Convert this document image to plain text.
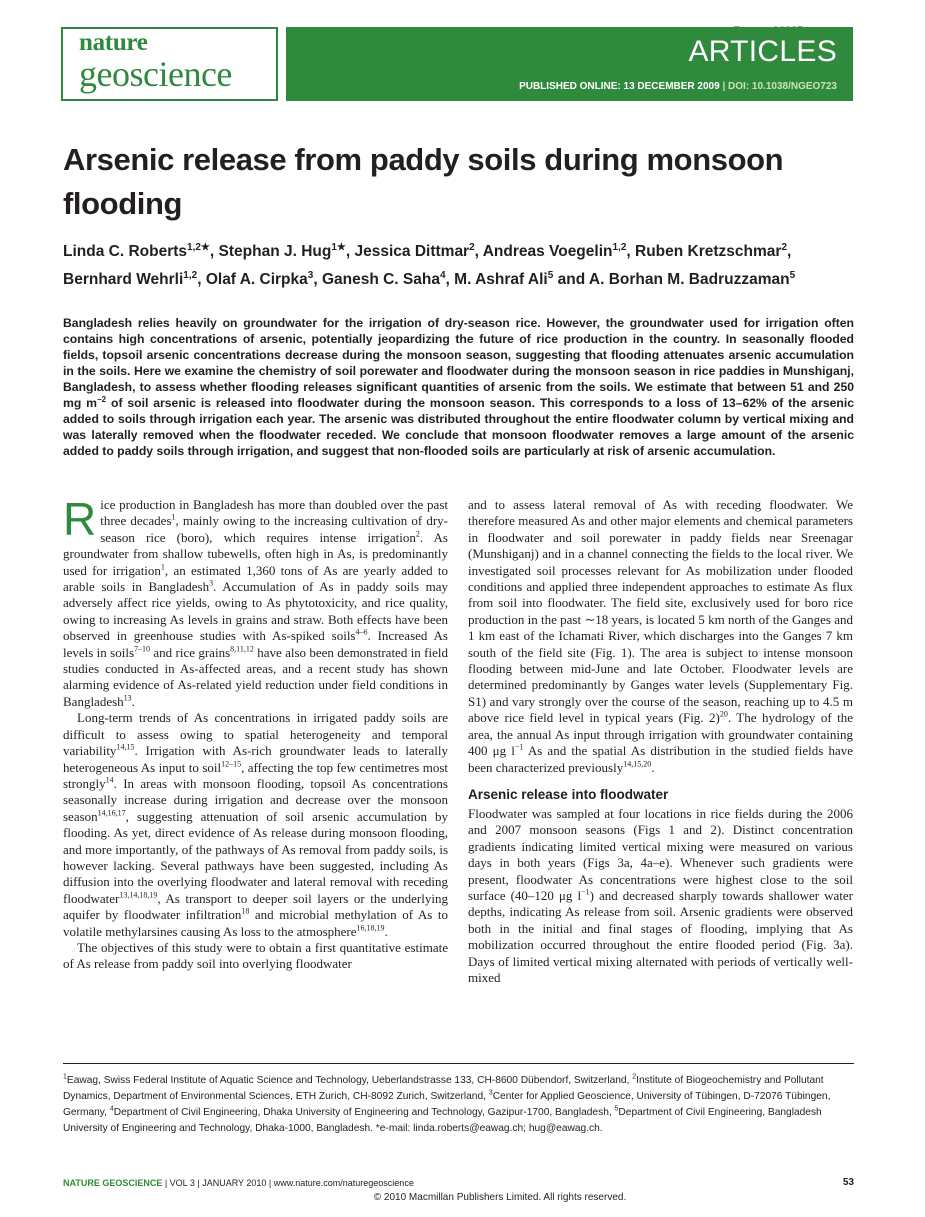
nature
geoscience
ARTICLES
PUBLISHED ONLINE: 13 DECEMBER 2009 | DOI: 10.1038/NGEO723
Arsenic release from paddy soils during monsoon flooding
Linda C. Roberts$^{1,2★}$, Stephan J. Hug$^{1★}$, Jessica Dittmar$^2$, Andreas Voegelin$^{1,2}$, Ruben Kretzschmar$^2$, Bernhard Wehrli$^{1,2}$, Olaf A. Cirpka$^3$, Ganesh C. Saha$^4$, M. Ashraf Ali$^5$ and A. Borhan M. Badruzzaman$^5$
Bangladesh relies heavily on groundwater for the irrigation of dry-season rice. However, the groundwater used for irrigation often contains high concentrations of arsenic, potentially jeopardizing the future of rice production in the country. In seasonally flooded fields, topsoil arsenic concentrations decrease during the monsoon season, suggesting that flooding attenuates arsenic accumulation in the soils. Here we examine the chemistry of soil porewater and floodwater during the monsoon season in rice paddies in Munshiganj, Bangladesh, to assess whether flooding releases significant quantities of arsenic from the soils. We estimate that between 51 and 250 mg $m^{-2}$ of soil arsenic is released into floodwater during the monsoon season. This corresponds to a loss of 13–62% of the arsenic added to soils through irrigation each year. The arsenic was distributed throughout the entire floodwater column by vertical mixing and was laterally removed when the floodwater receded. We conclude that monsoon floodwater removes a large amount of the arsenic added to paddy soils through irrigation, and suggest that non-flooded soils are particularly at risk of arsenic accumulation.

Rice production in Bangladesh has more than doubled over the past three decades$^1$, mainly owing to the increasing cultivation of dry-season rice (boro), which requires intense irrigation$^2$. As groundwater from shallow tubewells, often high in As, is predominantly used for irrigation$^1$, an estimated 1,360 tons of As are yearly added to arable soils in Bangladesh$^3$. Accumulation of As in paddy soils may adversely affect rice yields, owing to As phytotoxicity, and rice quality, owing to increasing As levels in grains and straw. Both effects have been observed in greenhouse studies with As-spiked soils$^{4-6}$. Increased As levels in soils$^{7-10}$ and rice grains$^{8,11,12}$ have also been demonstrated in field studies conducted in As-affected areas, and a recent study has shown alarming evidence of As-related yield reduction under field conditions in Bangladesh$^{13}$.

Long-term trends of As concentrations in irrigated paddy soils are difficult to assess owing to spatial heterogeneity and temporal variability$^{14,15}$. Irrigation with As-rich groundwater leads to laterally heterogeneous As input to soil$^{12-15}$, affecting the top few centimetres most strongly$^{14}$. In areas with monsoon flooding, topsoil As concentrations seasonally increase during irrigation and decrease over the monsoon season$^{14,16,17}$, suggesting attenuation of soil arsenic accumulation by flooding. As yet, direct evidence of As release during monsoon flooding, and more importantly, of the pathways of As removal from paddy soils, is however lacking. Several pathways have been suggested, including As diffusion into the overlying floodwater and lateral removal with receding floodwater$^{13,14,18,19}$, As transport to deeper soil layers or the underlying aquifer by floodwater infiltration$^{18}$ and microbial methylation of As to volatile methylarsines causing As loss to the atmosphere$^{16,18,19}$.

The objectives of this study were to obtain a first quantitative estimate of As release from paddy soil into overlying floodwater

and to assess lateral removal of As with receding floodwater. We therefore measured As and other major elements and chemical parameters in floodwater and soil porewater in paddy fields near Sreenagar (Munshiganj) and in a channel connecting the fields to the local river. We investigated soil processes relevant for As mobilization under flooded conditions and applied three independent approaches to estimate As flux from soil into floodwater. The field site, exclusively used for boro rice production in the past ∼18 years, is located 5 km north of the Ganges and 1 km east of the Ichamati River, which discharges into the Ganges 7 km south of the field site (Fig. 1). The area is subject to intense monsoon flooding between mid-June and late October. Floodwater levels are determined predominantly by Ganges water levels (Supplementary Fig. S1) and vary strongly over the course of the season, reaching up to 4.5 m above rice field level in typical years (Fig. 2)$^{20}$. The hydrology of the area, the annual As input through irrigation with groundwater containing 400 μg $l^{-1}$ As and the spatial As distribution in the studied fields have been characterized previously$^{14,15,20}$.

Arsenic release into floodwater

Floodwater was sampled at four locations in rice fields during the 2006 and 2007 monsoon seasons (Figs 1 and 2). Distinct concentration gradients indicating limited vertical mixing were measured on various days in both years (Figs 3a, 4a–e). Whenever such gradients were present, floodwater As concentrations were highest close to the soil surface (40–120 μg $l^{-1}$) and decreased sharply towards shallower water depths, indicating As release from soil. Arsenic gradients were observed both in the initial and final stages of flooding, implying that As mobilization occurred throughout the entire flooded period (Fig. 3a). Days of limited vertical mixing alternated with periods of vertically well-mixed

$^1$Eawag, Swiss Federal Institute of Aquatic Science and Technology, Ueberlandstrasse 133, CH-8600 Dübendorf, Switzerland, $^2$Institute of Biogeochemistry and Pollutant Dynamics, Department of Environmental Sciences, ETH Zurich, CH-8092 Zurich, Switzerland, $^3$Center for Applied Geoscience, University of Tübingen, D-72076 Tübingen, Germany, $^4$Department of Civil Engineering, Dhaka University of Engineering and Technology, Gazipur-1700, Bangladesh, $^5$Department of Civil Engineering, Bangladesh University of Engineering and Technology, Dhaka-1000, Bangladesh. *e-mail: linda.roberts@eawag.ch; hug@eawag.ch.
NATURE GEOSCIENCE | VOL 3 | JANUARY 2010 | www.nature.com/naturegeoscience	53
© 2010 Macmillan Publishers Limited. All rights reserved.
